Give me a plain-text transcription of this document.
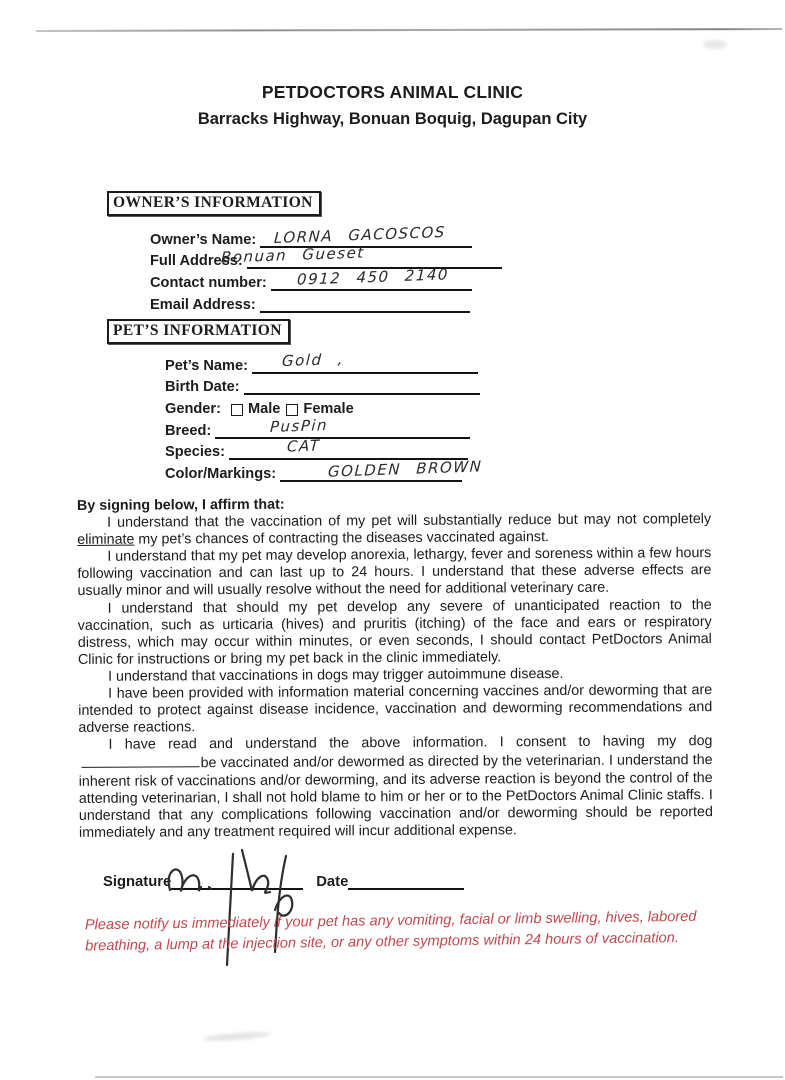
PETDOCTORS ANIMAL CLINIC
Barracks Highway, Bonuan Boquig, Dagupan City
OWNER’S INFORMATION
Owner’s Name: LORNA GACOSCOS
Full Address:
Bonuan Gueset
Contact number: 0912 450 2140
Email Address:
PET’S INFORMATION
Pet’s Name: Gold ,
Birth Date:
Gender: Male Female
Breed:	PusPin
Species:	CAT
Color/Markings:	GOLDEN BROWN
By signing below, I affirm that:

I understand that the vaccination of my pet will substantially reduce but may not completely eliminate my pet’s chances of contracting the diseases vaccinated against.

I understand that my pet may develop anorexia, lethargy, fever and soreness within a few hours following vaccination and can last up to 24 hours. I understand that these adverse effects are usually minor and will usually resolve without the need for additional veterinary care.

I understand that should my pet develop any severe of unanticipated reaction to the vaccination, such as urticaria (hives) and pruritis (itching) of the face and ears or respiratory distress, which may occur within minutes, or even seconds, I should contact PetDoctors Animal Clinic for instructions or bring my pet back in the clinic immediately.

I understand that vaccinations in dogs may trigger autoimmune disease.

I have been provided with information material concerning vaccines and/or deworming that are intended to protect against disease incidence, vaccination and deworming recommendations and adverse reactions.

I have read and understand the above information. I consent to having my dogbe vaccinated and/or dewormed as directed by the veterinarian. I understand the inherent risk of vaccinations and/or deworming, and its adverse reaction is beyond the control of the attending veterinarian, I shall not hold blame to him or her or to the PetDoctors Animal Clinic staffs. I understand that any complications following vaccination and/or deworming should be reported immediately and any treatment required will incur additional expense.

Signature	Date
Please notify us immediately if your pet has any vomiting, facial or limb swelling, hives, labored breathing, a lump at the injection site, or any other symptoms within 24 hours of vaccination.
